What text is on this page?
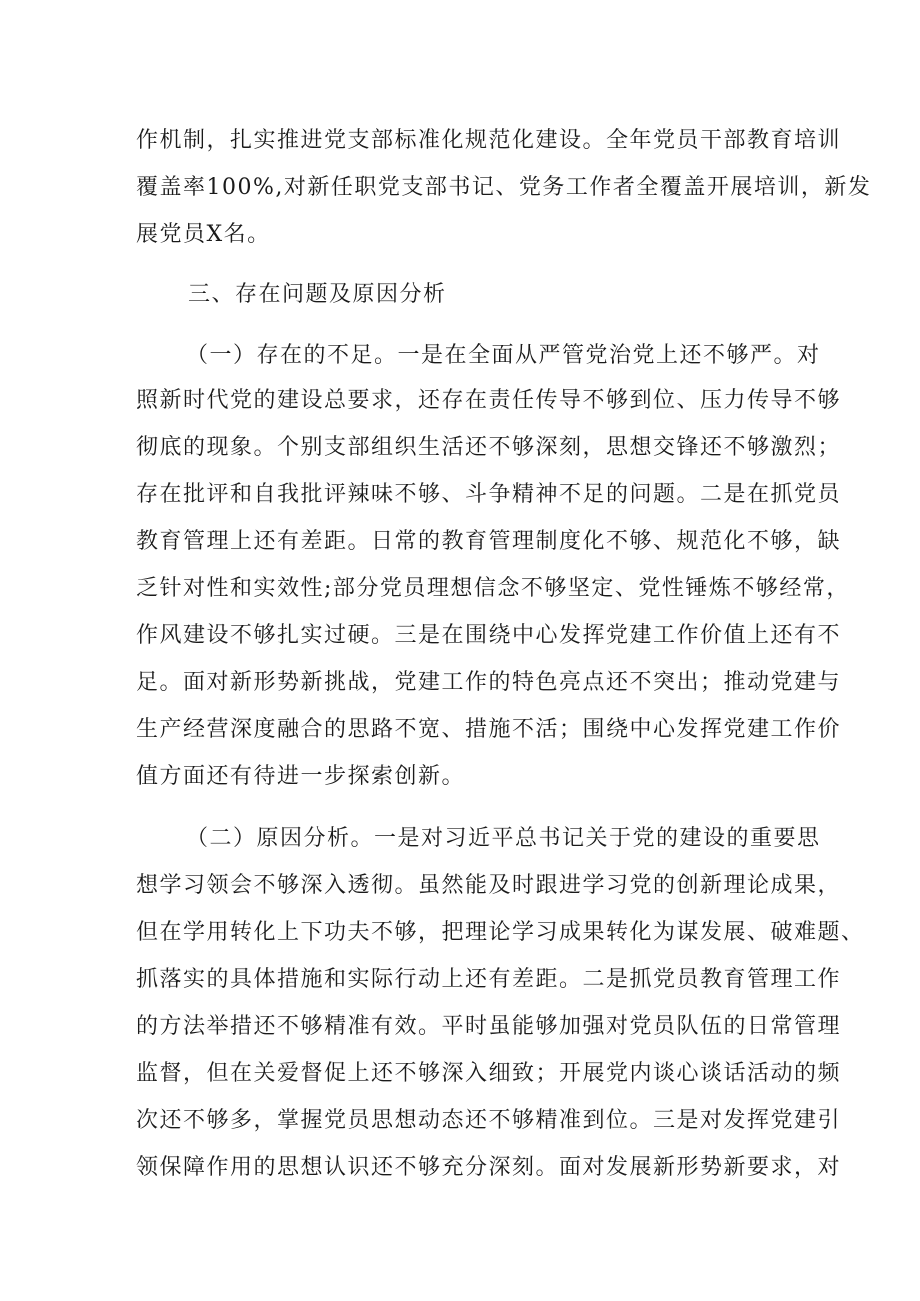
作机制，扎实推进党支部标准化规范化建设。全年党员干部教育培训
覆盖率100%,对新任职党支部书记、党务工作者全覆盖开展培训，新发
展党员X名。
三、存在问题及原因分析
（一）存在的不足。一是在全面从严管党治党上还不够严。对
照新时代党的建设总要求，还存在责任传导不够到位、压力传导不够
彻底的现象。个别支部组织生活还不够深刻，思想交锋还不够激烈；
存在批评和自我批评辣味不够、斗争精神不足的问题。二是在抓党员
教育管理上还有差距。日常的教育管理制度化不够、规范化不够，缺
乏针对性和实效性;部分党员理想信念不够坚定、党性锤炼不够经常，
作风建设不够扎实过硬。三是在围绕中心发挥党建工作价值上还有不
足。面对新形势新挑战，党建工作的特色亮点还不突出；推动党建与
生产经营深度融合的思路不宽、措施不活；围绕中心发挥党建工作价
值方面还有待进一步探索创新。
（二）原因分析。一是对习近平总书记关于党的建设的重要思
想学习领会不够深入透彻。虽然能及时跟进学习党的创新理论成果，
但在学用转化上下功夫不够，把理论学习成果转化为谋发展、破难题、
抓落实的具体措施和实际行动上还有差距。二是抓党员教育管理工作
的方法举措还不够精准有效。平时虽能够加强对党员队伍的日常管理
监督，但在关爱督促上还不够深入细致；开展党内谈心谈话活动的频
次还不够多，掌握党员思想动态还不够精准到位。三是对发挥党建引
领保障作用的思想认识还不够充分深刻。面对发展新形势新要求，对
